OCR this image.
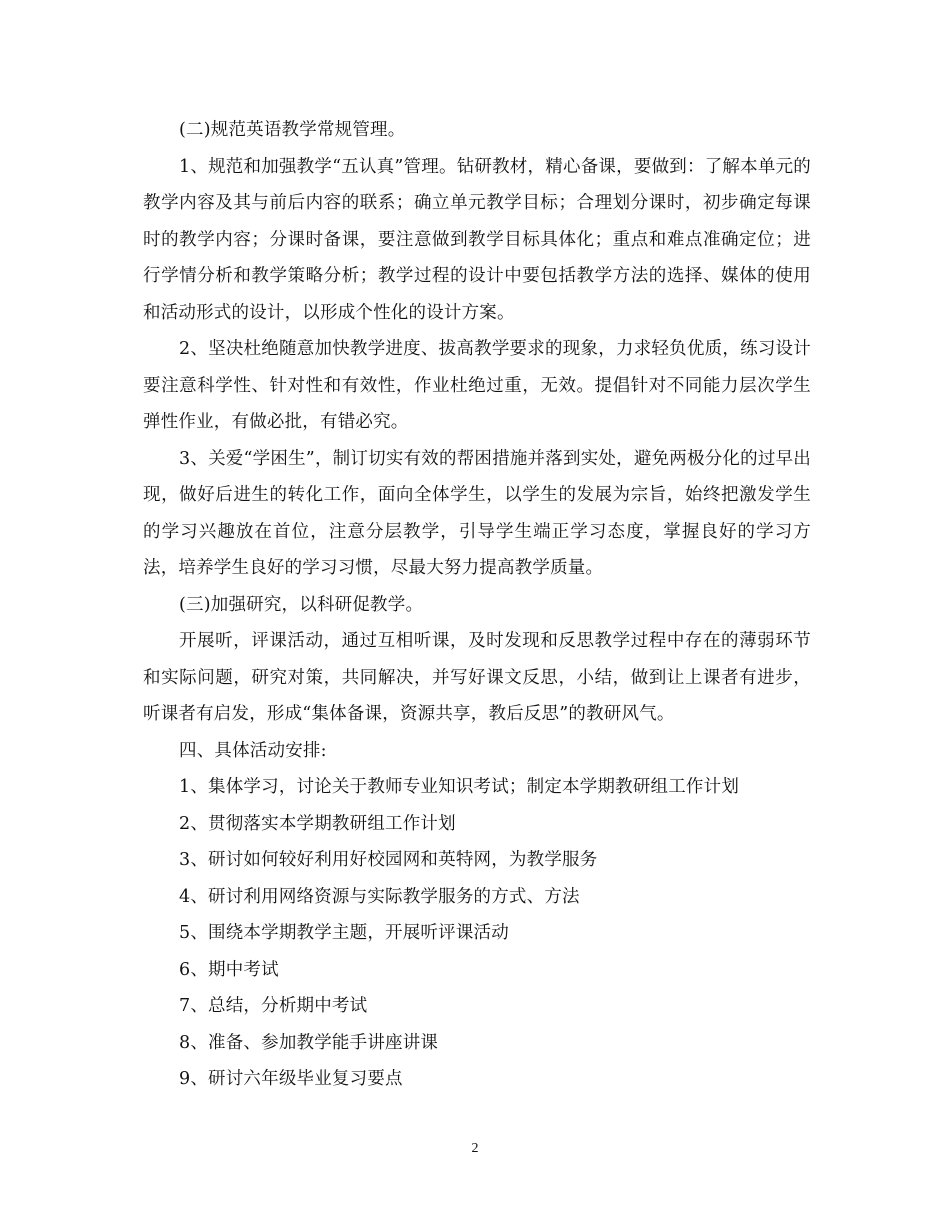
(二)规范英语教学常规管理。

1、规范和加强教学“五认真”管理。钻研教材，精心备课，要做到：了解本单元的教学内容及其与前后内容的联系；确立单元教学目标；合理划分课时，初步确定每课时的教学内容；分课时备课，要注意做到教学目标具体化；重点和难点准确定位；进行学情分析和教学策略分析；教学过程的设计中要包括教学方法的选择、媒体的使用和活动形式的设计，以形成个性化的设计方案。

2、坚决杜绝随意加快教学进度、拔高教学要求的现象，力求轻负优质，练习设计要注意科学性、针对性和有效性，作业杜绝过重，无效。提倡针对不同能力层次学生弹性作业，有做必批，有错必究。

3、关爱“学困生”，制订切实有效的帮困措施并落到实处，避免两极分化的过早出现，做好后进生的转化工作，面向全体学生，以学生的发展为宗旨，始终把激发学生的学习兴趣放在首位，注意分层教学，引导学生端正学习态度，掌握良好的学习方法，培养学生良好的学习习惯，尽最大努力提高教学质量。

(三)加强研究，以科研促教学。

开展听，评课活动，通过互相听课，及时发现和反思教学过程中存在的薄弱环节和实际问题，研究对策，共同解决，并写好课文反思，小结，做到让上课者有进步，听课者有启发，形成“集体备课，资源共享，教后反思”的教研风气。

四、具体活动安排:

1、集体学习，讨论关于教师专业知识考试；制定本学期教研组工作计划

2、贯彻落实本学期教研组工作计划

3、研讨如何较好利用好校园网和英特网，为教学服务

4、研讨利用网络资源与实际教学服务的方式、方法

5、围绕本学期教学主题，开展听评课活动

6、期中考试

7、总结，分析期中考试

8、准备、参加教学能手讲座讲课

9、研讨六年级毕业复习要点

2
